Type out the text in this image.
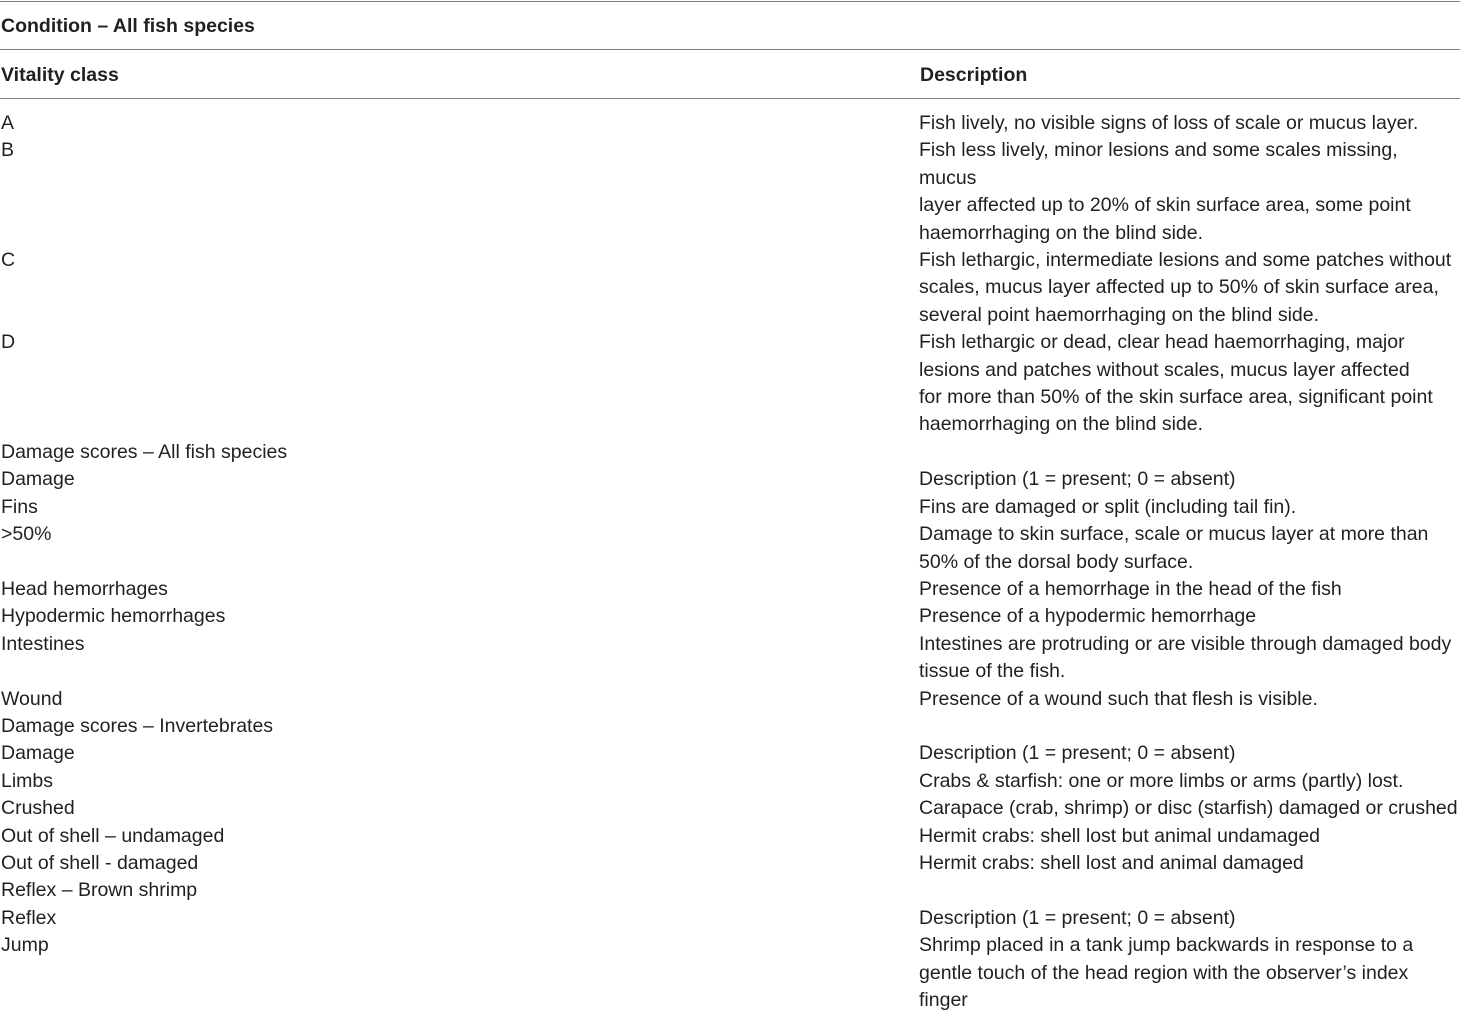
Condition – All fish species
Vitality class	Description
A	Fish lively, no visible signs of loss of scale or mucus layer.
B	Fish less lively, minor lesions and some scales missing, mucus
layer affected up to 20% of skin surface area, some point
haemorrhaging on the blind side.
C	Fish lethargic, intermediate lesions and some patches without
scales, mucus layer affected up to 50% of skin surface area,
several point haemorrhaging on the blind side.
D	Fish lethargic or dead, clear head haemorrhaging, major
lesions and patches without scales, mucus layer affected
for more than 50% of the skin surface area, significant point
haemorrhaging on the blind side.
Damage scores – All fish species
Damage	Description (1 = present; 0 = absent)
Fins	Fins are damaged or split (including tail fin).
>50%	Damage to skin surface, scale or mucus layer at more than
50% of the dorsal body surface.
Head hemorrhages	Presence of a hemorrhage in the head of the fish
Hypodermic hemorrhages	Presence of a hypodermic hemorrhage
Intestines	Intestines are protruding or are visible through damaged body
tissue of the fish.
Wound	Presence of a wound such that flesh is visible.
Damage scores – Invertebrates
Damage	Description (1 = present; 0 = absent)
Limbs	Crabs & starfish: one or more limbs or arms (partly) lost.
Crushed	Carapace (crab, shrimp) or disc (starfish) damaged or crushed
Out of shell – undamaged	Hermit crabs: shell lost but animal undamaged
Out of shell - damaged	Hermit crabs: shell lost and animal damaged
Reflex – Brown shrimp
Reflex	Description (1 = present; 0 = absent)
Jump	Shrimp placed in a tank jump backwards in response to a
gentle touch of the head region with the observer’s index
finger
